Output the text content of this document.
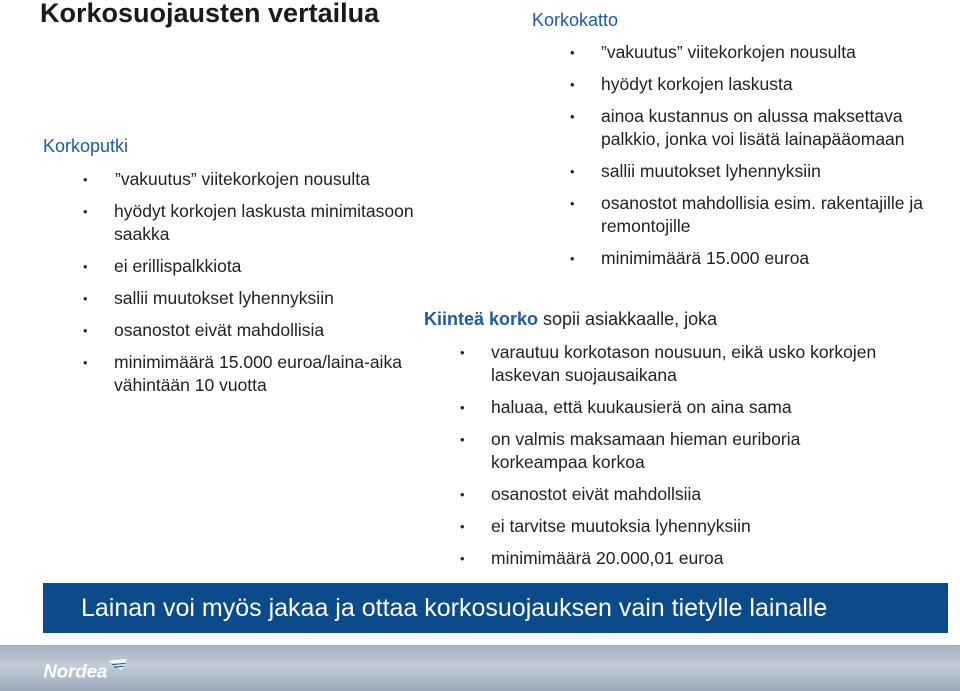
Korkosuojausten vertailua
Korkoputki
• ”vakuutus” viitekorkojen nousulta
• hyödyt korkojen laskusta minimitasoon saakka
• ei erillispalkkiota
• sallii muutokset lyhennyksiin
• osanostot eivät mahdollisia
• minimimäärä 15.000 euroa/laina-aika vähintään 10 vuotta
Korkokatto
• ”vakuutus” viitekorkojen nousulta
• hyödyt korkojen laskusta
• ainoa kustannus on alussa maksettava palkkio, jonka voi lisätä lainapääomaan
• sallii muutokset lyhennyksiin
• osanostot mahdollisia esim. rakentajille ja remontojille
• minimimäärä 15.000 euroa
Kiinteä korko sopii asiakkaalle, joka
• varautuu korkotason nousuun, eikä usko korkojen laskevan suojausaikana
• haluaa, että kuukausierä on aina sama
• on valmis maksamaan hieman euriboria korkeampaa korkoa
• osanostot eivät mahdollsiia
• ei tarvitse muutoksia lyhennyksiin
• minimimäärä 20.000,01 euroa
Lainan voi myös jakaa ja ottaa korkosuojauksen vain tietylle lainalle
Nordea
